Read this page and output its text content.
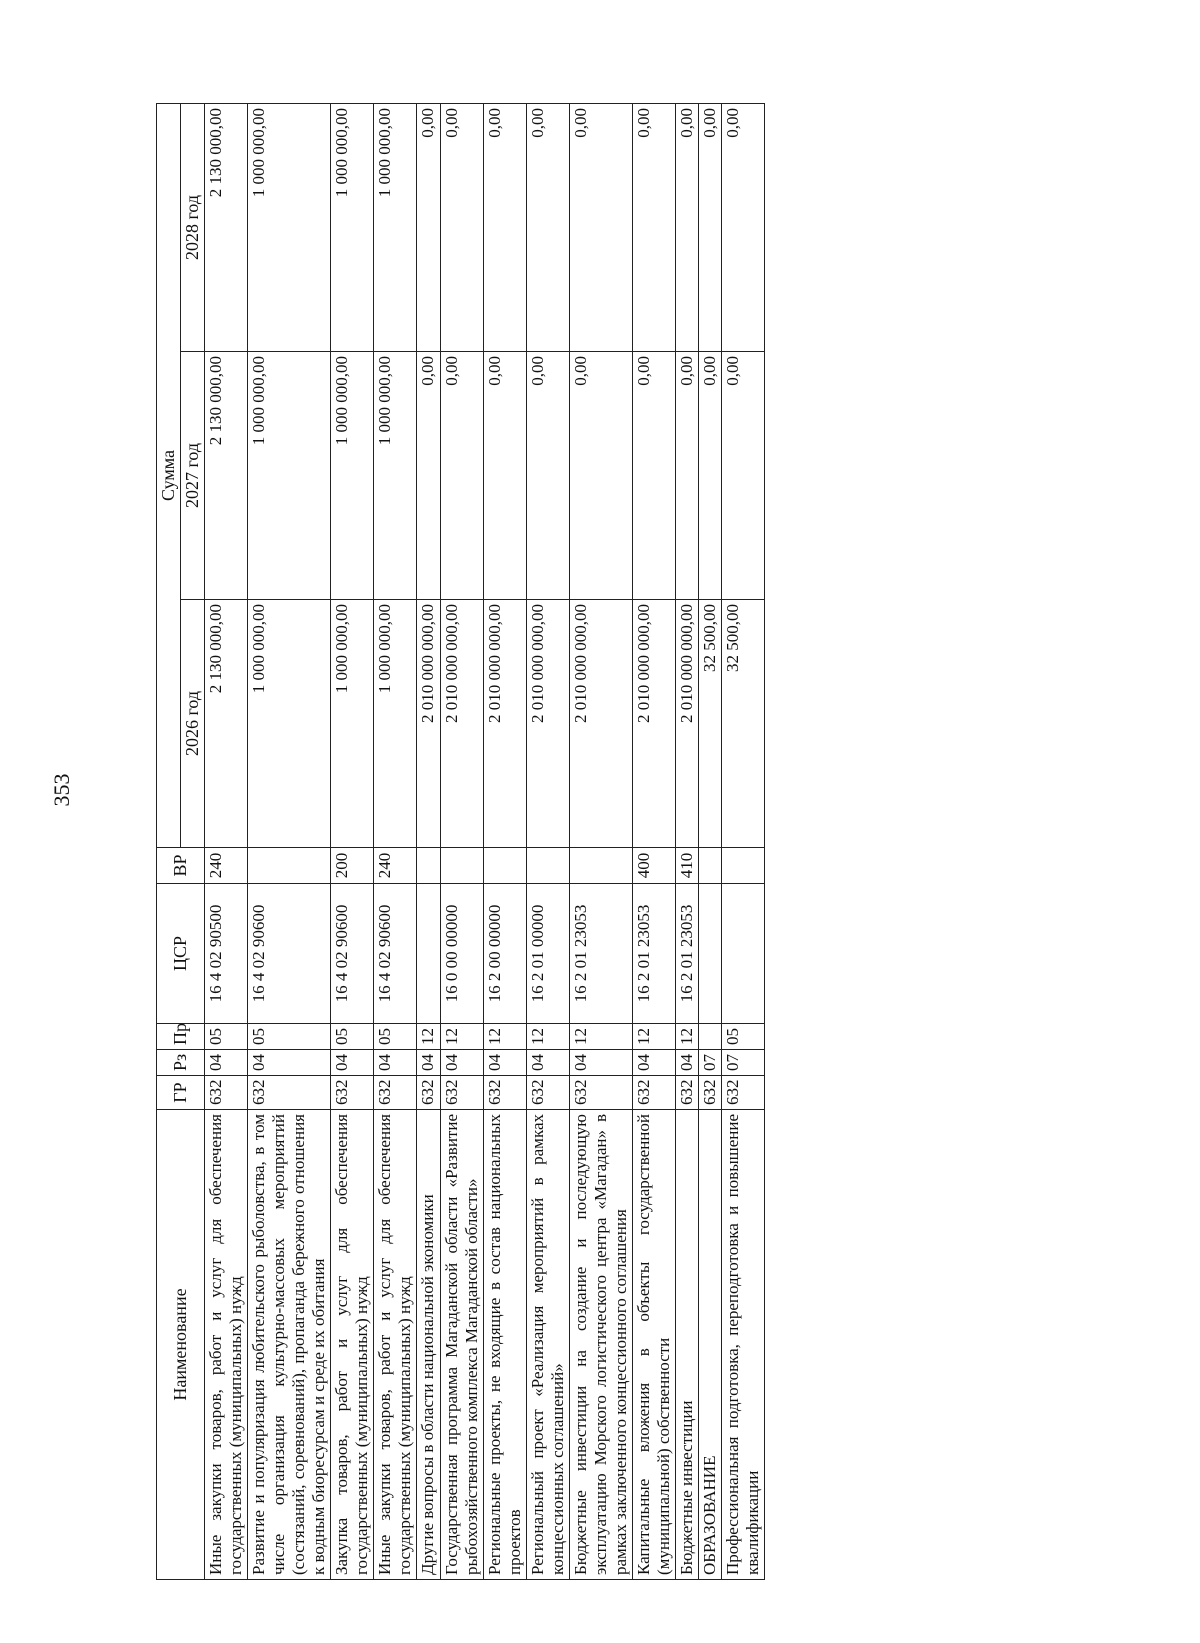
353
Наименование	ГР	Рз	Пр	ЦСР	ВР	Сумма		
						2026 год	2027 год	2028 год
Иные закупки товаров, работ и услуг для обеспечения государственных (муниципальных) нужд	632	04	05	16 4 02 90500	240	2 130 000,00	2 130 000,00	2 130 000,00
Развитие и популяризация любительского рыболовства, в том числе организация культурно-массовых мероприятий (состязаний, соревнований), пропаганда бережного отношения к водным биоресурсам и среде их обитания	632	04	05	16 4 02 90600		1 000 000,00	1 000 000,00	1 000 000,00
Закупка товаров, работ и услуг для обеспечения государственных (муниципальных) нужд	632	04	05	16 4 02 90600	200	1 000 000,00	1 000 000,00	1 000 000,00
Иные закупки товаров, работ и услуг для обеспечения государственных (муниципальных) нужд	632	04	05	16 4 02 90600	240	1 000 000,00	1 000 000,00	1 000 000,00
Другие вопросы в области национальной экономики	632	04	12			2 010 000 000,00	0,00	0,00
Государственная программа Магаданской области «Развитие рыбохозяйственного комплекса Магаданской области»	632	04	12	16 0 00 00000		2 010 000 000,00	0,00	0,00
Региональные проекты, не входящие в состав национальных проектов	632	04	12	16 2 00 00000		2 010 000 000,00	0,00	0,00
Региональный проект «Реализация мероприятий в рамках концессионных соглашений»	632	04	12	16 2 01 00000		2 010 000 000,00	0,00	0,00
Бюджетные инвестиции на создание и последующую эксплуатацию Морского логистического центра «Магадан» в рамках заключенного концессионного соглашения	632	04	12	16 2 01 23053		2 010 000 000,00	0,00	0,00
Капитальные вложения в объекты государственной (муниципальной) собственности	632	04	12	16 2 01 23053	400	2 010 000 000,00	0,00	0,00
Бюджетные инвестиции	632	04	12	16 2 01 23053	410	2 010 000 000,00	0,00	0,00
ОБРАЗОВАНИЕ	632	07				32 500,00	0,00	0,00
Профессиональная подготовка, переподготовка и повышение квалификации	632	07	05			32 500,00	0,00	0,00
